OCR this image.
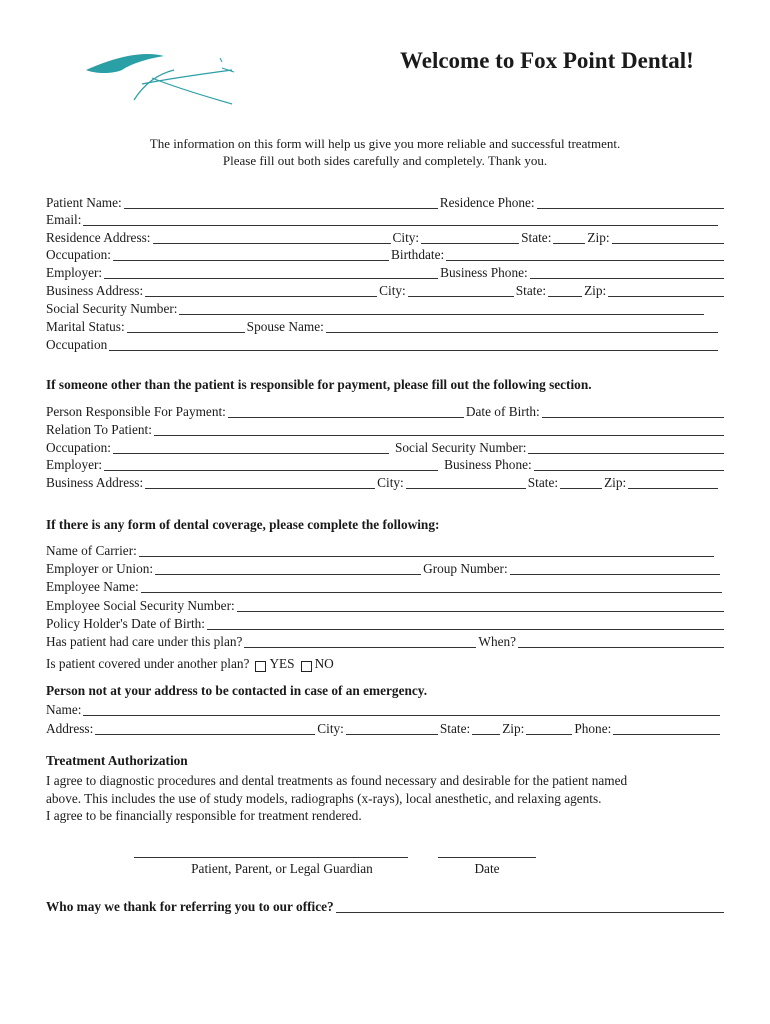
Welcome to Fox Point Dental!
The information on this form will help us give you more reliable and successful treatment.
Please fill out both sides carefully and completely. Thank you.
Patient Name:	Residence Phone:
Email:
Residence Address:	City:	State:	Zip:
Occupation:	Birthdate:
Employer:	Business Phone:
Business Address:	City:	State:	Zip:
Social Security Number:
Marital Status:	Spouse Name:
Occupation
If someone other than the patient is responsible for payment, please fill out the following section.
Person Responsible For Payment:	Date of Birth:
Relation To Patient:
Occupation:	Social Security Number:
Employer:	Business Phone:
Business Address:	City:	State:	Zip:
If there is any form of dental coverage, please complete the following:
Name of Carrier:
Employer or Union:	Group Number:
Employee Name:
Employee Social Security Number:
Policy Holder's Date of Birth:
Has patient had care under this plan?	When?
Is patient covered under another plan? YES NO
Person not at your address to be contacted in case of an emergency.
Name:
Address:	City:	State: Zip:	Phone:
Treatment Authorization
I agree to diagnostic procedures and dental treatments as found necessary and desirable for the patient named
above. This includes the use of study models, radiographs (x-rays), local anesthetic, and relaxing agents.
I agree to be financially responsible for treatment rendered.
Patient, Parent, or Legal Guardian	Date
Who may we thank for referring you to our office?
